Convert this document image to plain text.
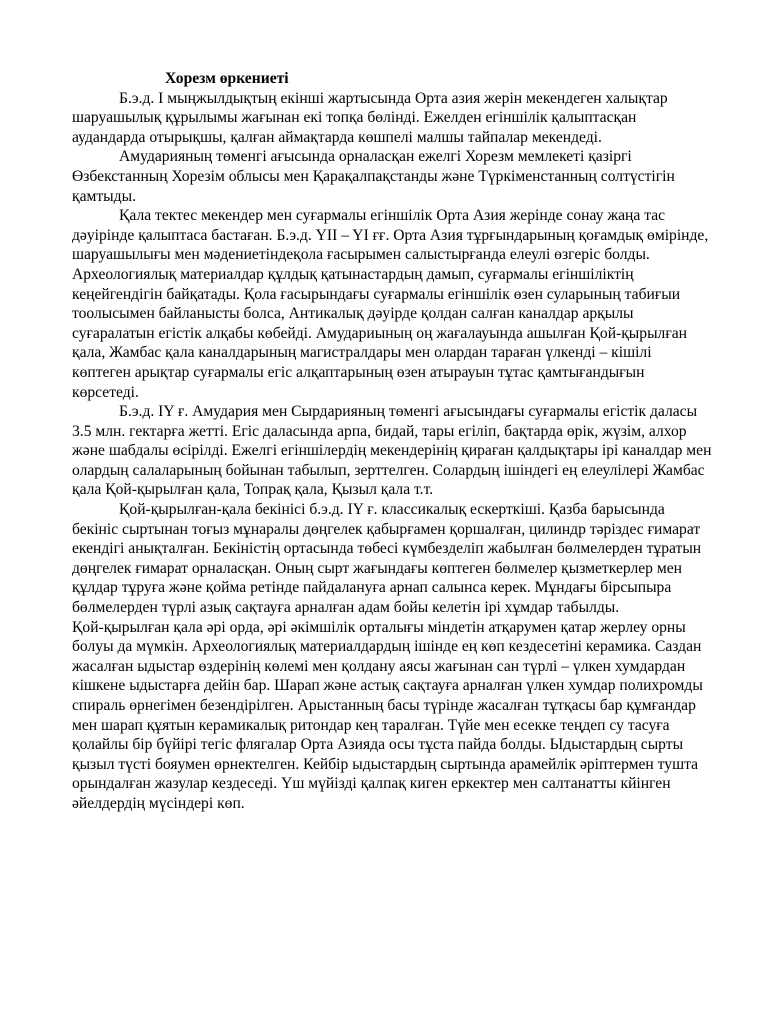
Хорезм өркениеті

Б.э.д. І мыңжылдықтың екінші жартысында Орта азия жерін мекендеген халықтар шаруашылық құрылымы жағынан екі топқа бөлінді. Ежелден егіншілік қалыптасқан аудандарда отырықшы, қалған аймақтарда көшпелі малшы тайпалар мекендеді.

Амударияның төменгі ағысында орналасқан ежелгі Хорезм мемлекеті қазіргі Өзбекстанның Хорезім облысы мен Қарақалпақстанды және Түркіменстанның солтүстігін қамтыды.

Қала тектес мекендер мен суғармалы егіншілік Орта Азия жерінде сонау жаңа тас дәуірінде қалыптаса бастаған. Б.э.д. YII – YI ғғ. Орта Азия тұрғындарының қоғамдық өмірінде, шаруашылығы мен мәдениетіндеқола ғасырымен салыстырғанда елеулі өзгеріс болды. Археологиялық материалдар құлдық қатынастардың дамып, суғармалы егіншіліктің кеңейгендігін байқатады. Қола ғасырындағы суғармалы егіншілік өзен суларының табиғыи тоолысымен байланысты болса, Антикалық дәуірде қолдан салған каналдар арқылы суғаралатын егістік алқабы көбейді. Амудариының оң жағалауында ашылған Қой-қырылған қала, Жамбас қала каналдарының магистралдары мен олардан тараған үлкенді – кішілі көптеген арықтар суғармалы егіс алқаптарының өзен атырауын тұтас қамтығандығын көрсетеді.

Б.э.д. IY ғ. Амудария мен Сырдарияның төменгі ағысындағы суғармалы егістік даласы 3.5 млн. гектарға жетті. Егіс даласында арпа, бидай, тары егіліп, бақтарда өрік, жүзім, алхор және шабдалы өсірілді. Ежелгі егіншілердің мекендерінің қираған қалдықтары ірі каналдар мен олардың салаларының бойынан табылып, зерттелген. Солардың ішіндегі ең елеулілері Жамбас қала Қой-қырылған қала, Топрақ қала, Қызыл қала т.т.

Қой-қырылған-қала бекінісі б.э.д. IY ғ. классикалық ескерткіші. Қазба барысында бекініс сыртынан тоғыз мұнаралы дөңгелек қабырғамен қоршалған, цилиндр тәріздес ғимарат екендігі анықталған. Бекіністің ортасында төбесі күмбезделіп жабылған бөлмелерден тұратын дөңгелек ғимарат орналасқан. Оның сырт жағындағы көптеген бөлмелер қызметкерлер мен құлдар тұруға және қойма ретінде пайдалануға арнап салынса керек. Мұндағы бірсыпыра бөлмелерден түрлі азық сақтауға арналған адам бойы келетін ірі хұмдар табылды.

Қой-қырылған қала әрі орда, әрі әкімшілік орталығы міндетін атқарумен қатар жерлеу орны болуы да мүмкін. Археологиялық материалдардың ішінде ең көп кездесетіні керамика. Саздан жасалған ыдыстар өздерінің көлемі мен қолдану аясы жағынан сан түрлі – үлкен хумдардан кішкене ыдыстарға дейін бар. Шарап және астық сақтауға арналған үлкен хумдар полихромды спираль өрнегімен безендірілген. Арыстанның басы түрінде жасалған тұтқасы бар құмғандар мен шарап құятын керамикалық ритондар кең таралған. Түйе мен есекке теңдеп су тасуға қолайлы бір бүйірі тегіс флягалар Орта Азияда осы тұста пайда болды. Ыдыстардың сырты қызыл түсті бояумен өрнектелген. Кейбір ыдыстардың сыртында арамейлік әріптермен тушта орындалған жазулар кездеседі. Үш мүйізді қалпақ киген еркектер мен салтанатты кйінген әйелдердің мүсіндері көп.
